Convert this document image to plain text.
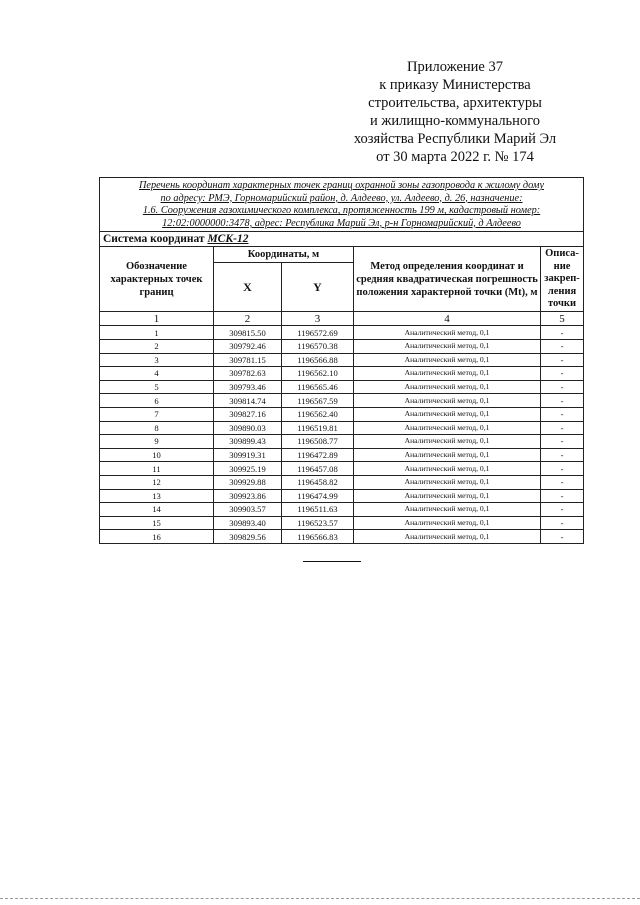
Приложение 37
к приказу Министерства
строительства, архитектуры
и жилищно-коммунального
хозяйства Республики Марий Эл
от 30 марта 2022 г. № 174
Перечень координат характерных точек границ охранной зоны газопровода к жилому дому
по адресу: РМЭ, Горномарийский район, д. Алдеево, ул. Алдеево, д. 26, назначение:
1.6. Сооружения газохимического комплекса, протяженность 199 м, кадастровый номер:
12:02:0000000:3478, адрес: Республика Марий Эл, р-н Горномарийский, д Алдеево				

Система координат МСК-12				
Обозначение характерных точек границ	Координаты, м		Метод определения координат и средняя квадратическая погрешность положения характерной точки (Mt), м	Описа-ние закреп-ления точки
	X	Y		
1	2	3	4	5
1	309815.50	1196572.69	Аналитический метод, 0,1	-
2	309792.46	1196570.38	Аналитический метод, 0,1	-
3	309781.15	1196566.88	Аналитический метод, 0,1	-
4	309782.63	1196562.10	Аналитический метод, 0,1	-
5	309793.46	1196565.46	Аналитический метод, 0,1	-
6	309814.74	1196567.59	Аналитический метод, 0,1	-
7	309827.16	1196562.40	Аналитический метод, 0,1	-
8	309890.03	1196519.81	Аналитический метод, 0,1	-
9	309899.43	1196508.77	Аналитический метод, 0,1	-
10	309919.31	1196472.89	Аналитический метод, 0,1	-
11	309925.19	1196457.08	Аналитический метод, 0,1	-
12	309929.88	1196458.82	Аналитический метод, 0,1	-
13	309923.86	1196474.99	Аналитический метод, 0,1	-
14	309903.57	1196511.63	Аналитический метод, 0,1	-
15	309893.40	1196523.57	Аналитический метод, 0,1	-
16	309829.56	1196566.83	Аналитический метод, 0,1	-
